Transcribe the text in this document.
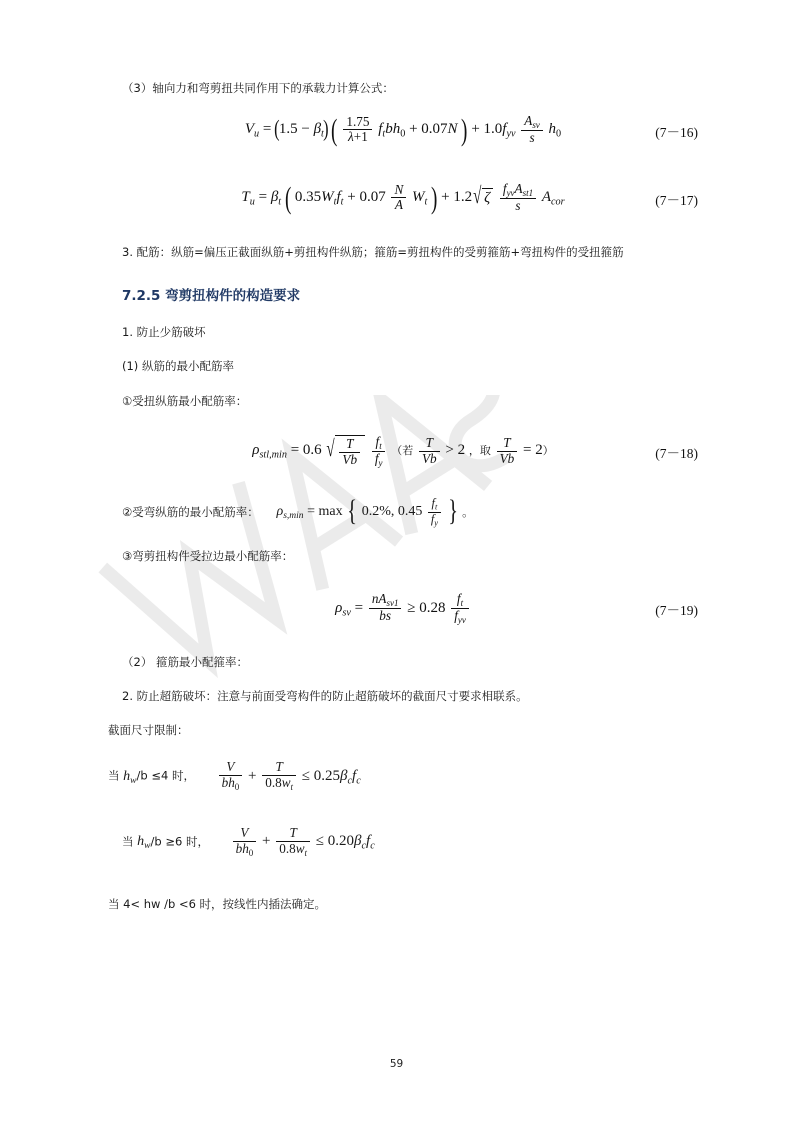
（3）轴向力和弯剪扭共同作用下的承载力计算公式：

$V_u = (1.5 - \beta_t)$ ( $\frac{1.75}{\lambda+1} f_tbh_0 + 0.07N$ ) + $1.0f_{yv} \frac{A_{sv}}{s} h_0$	(7－16)
$T_u = \beta_t$ ( $0.35W_tf_t + 0.07 \frac{N}{A} W_t$ ) + 1.2 √ ζ $\frac{f_{yv}A_{st1}}{s} A_{cor}$	(7－17)

3. 配筋：纵筋=偏压正截面纵筋+剪扭构件纵筋；箍筋=剪扭构件的受剪箍筋+弯扭构件的受扭箍筋

7.2.5 弯剪扭构件的构造要求

1. 防止少筋破坏

(1) 纵筋的最小配筋率

①受扭纵筋最小配筋率：

$\rho_{stl,min} = 0.6$ √ $\frac{T}{Vb}$
$\frac{f_t}{f_y}$ （若 $\frac{T}{Vb} > 2$ ，取 $\frac{T}{Vb} = 2$）	(7－18)

②受弯纵筋的最小配筋率： $\rho_{s,min} = \max$ { 0.2%, $0.45 \frac{f_t}{f_y}$ } 。

③弯剪扭构件受拉边最小配筋率：

$\rho_{sv} = \frac{nA_{sv1}}{bs} \ge 0.28 \frac{f_t}{f_{yv}}$	(7－19)

（2） 箍筋最小配箍率：

2. 防止超筋破坏：注意与前面受弯构件的防止超筋破坏的截面尺寸要求相联系。

截面尺寸限制：

当 $h_w/b \le 4$ 时， $\frac{V}{bh_0} + \frac{T}{0.8w_t} \le 0.25\beta_cf_c$

当 $h_w/b \ge 6$ 时， $\frac{V}{bh_0} + \frac{T}{0.8w_t} \le 0.20\beta_cf_c$

当 4< hw /b <6 时，按线性内插法确定。

59
